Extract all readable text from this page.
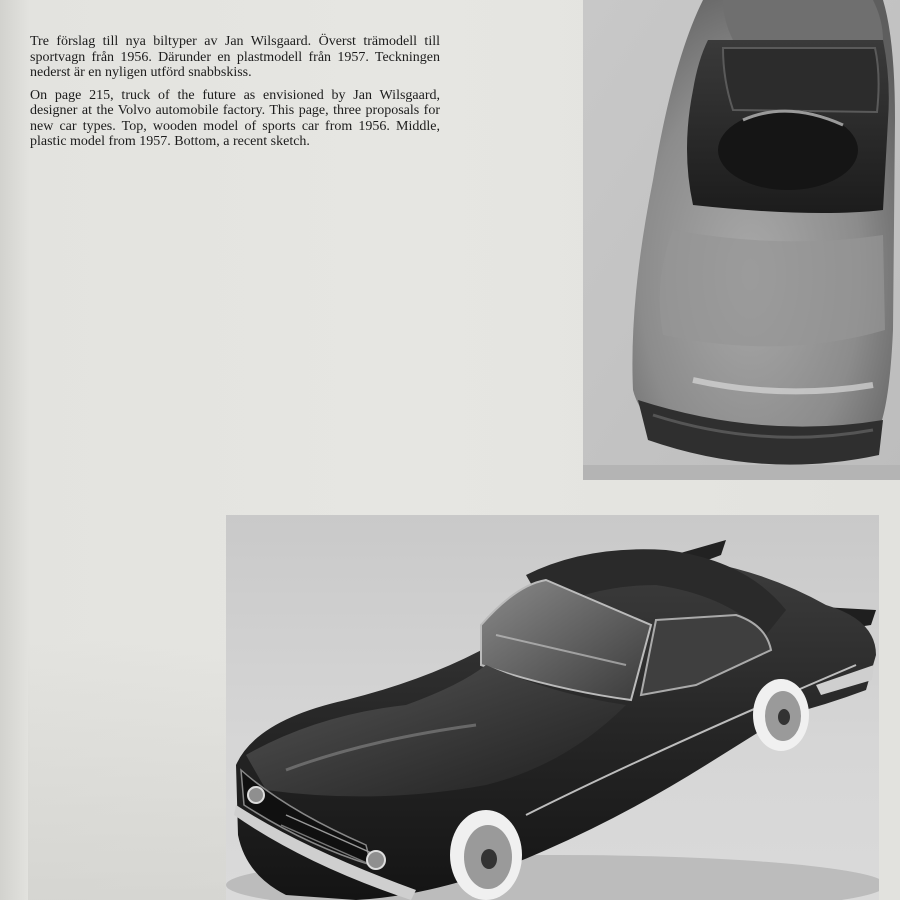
Tre förslag till nya biltyper av Jan Wilsgaard. Överst trämodell till sportvagn från 1956. Därunder en plastmodell från 1957. Teckningen nederst är en nyligen utförd snabbskiss.

On page 215, truck of the future as envisioned by Jan Wilsgaard, designer at the Volvo automobile factory. This page, three proposals for new car types. Top, wooden model of sports car from 1956. Middle, plastic model from 1957. Bottom, a recent sketch.
